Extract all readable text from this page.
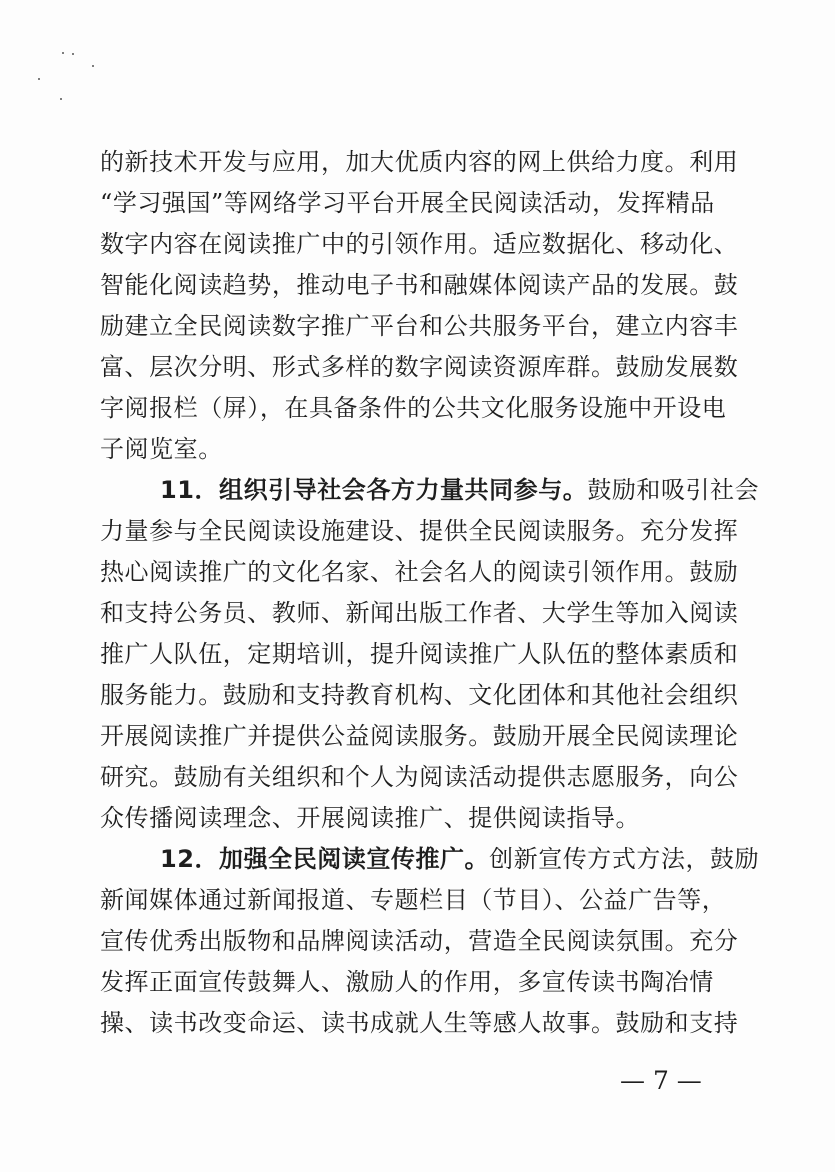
的新技术开发与应用，加大优质内容的网上供给力度。利用
“学习强国”等网络学习平台开展全民阅读活动，发挥精品
数字内容在阅读推广中的引领作用。适应数据化、移动化、
智能化阅读趋势，推动电子书和融媒体阅读产品的发展。鼓
励建立全民阅读数字推广平台和公共服务平台，建立内容丰
富、层次分明、形式多样的数字阅读资源库群。鼓励发展数
字阅报栏（屏），在具备条件的公共文化服务设施中开设电
子阅览室。
11．组织引导社会各方力量共同参与。鼓励和吸引社会
力量参与全民阅读设施建设、提供全民阅读服务。充分发挥
热心阅读推广的文化名家、社会名人的阅读引领作用。鼓励
和支持公务员、教师、新闻出版工作者、大学生等加入阅读
推广人队伍，定期培训，提升阅读推广人队伍的整体素质和
服务能力。鼓励和支持教育机构、文化团体和其他社会组织
开展阅读推广并提供公益阅读服务。鼓励开展全民阅读理论
研究。鼓励有关组织和个人为阅读活动提供志愿服务，向公
众传播阅读理念、开展阅读推广、提供阅读指导。
12．加强全民阅读宣传推广。创新宣传方式方法，鼓励
新闻媒体通过新闻报道、专题栏目（节目）、公益广告等，
宣传优秀出版物和品牌阅读活动，营造全民阅读氛围。充分
发挥正面宣传鼓舞人、激励人的作用，多宣传读书陶冶情
操、读书改变命运、读书成就人生等感人故事。鼓励和支持
— 7 —
